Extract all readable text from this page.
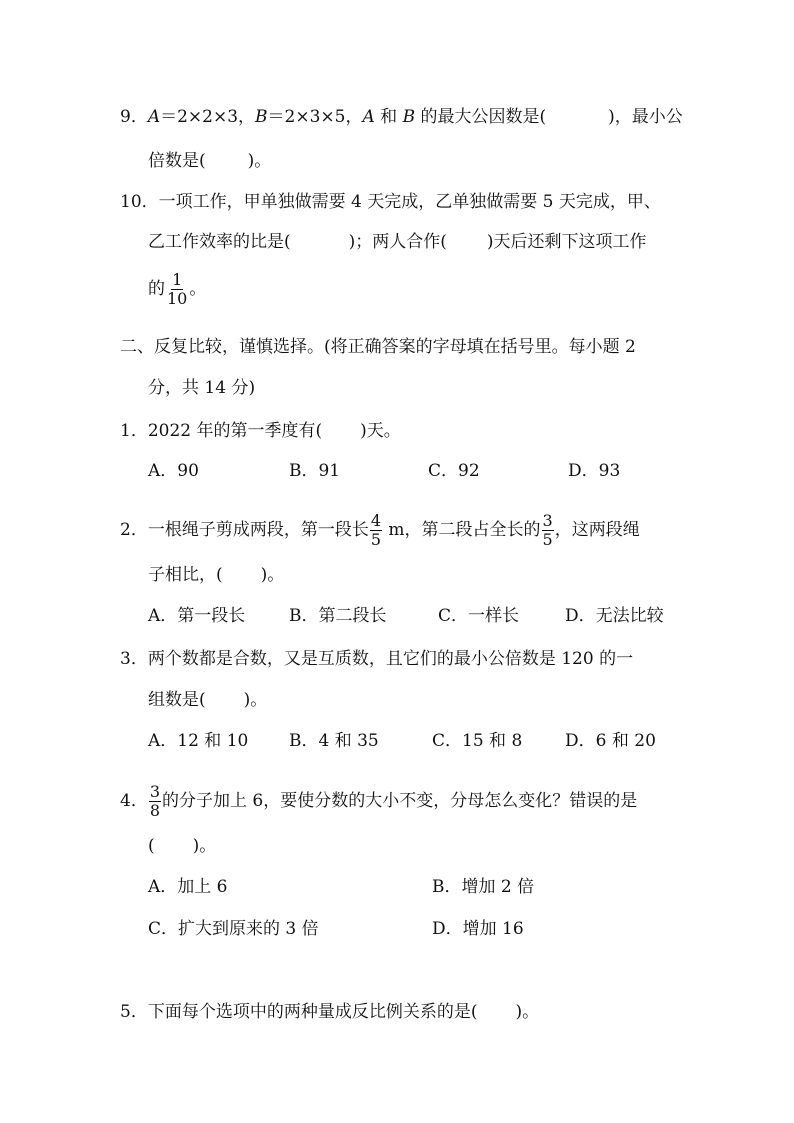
9．A＝2×2×3，B＝2×3×5，A 和 B 的最大公因数是(	)，最小公
倍数是( )。
10．一项工作，甲单独做需要 4 天完成，乙单独做需要 5 天完成，甲、
乙工作效率的比是(	)；两人合作( )天后还剩下这项工作
的 $\frac{1}{10}$ 。
二、反复比较，谨慎选择。(将正确答案的字母填在括号里。每小题 2
分，共 14 分)
1．2022 年的第一季度有( )天。
A．90	B．91	C．92	D．93
2．一根绳子剪成两段，第一段长 $\frac{4}{5}$ m，第二段占全长的 $\frac{3}{5}$ ，这两段绳
子相比，( )。
A．第一段长	B．第二段长	C．一样长	D．无法比较
3．两个数都是合数，又是互质数，且它们的最小公倍数是 120 的一
组数是( )。
A．12 和 10 B．4 和 35	C．15 和 8	D．6 和 20
4． $\frac{3}{8}$ 的分子加上 6，要使分数的大小不变，分母怎么变化？错误的是
( )。
A．加上 6	B．增加 2 倍
C．扩大到原来的 3 倍	D．增加 16
5．下面每个选项中的两种量成反比例关系的是( )。
